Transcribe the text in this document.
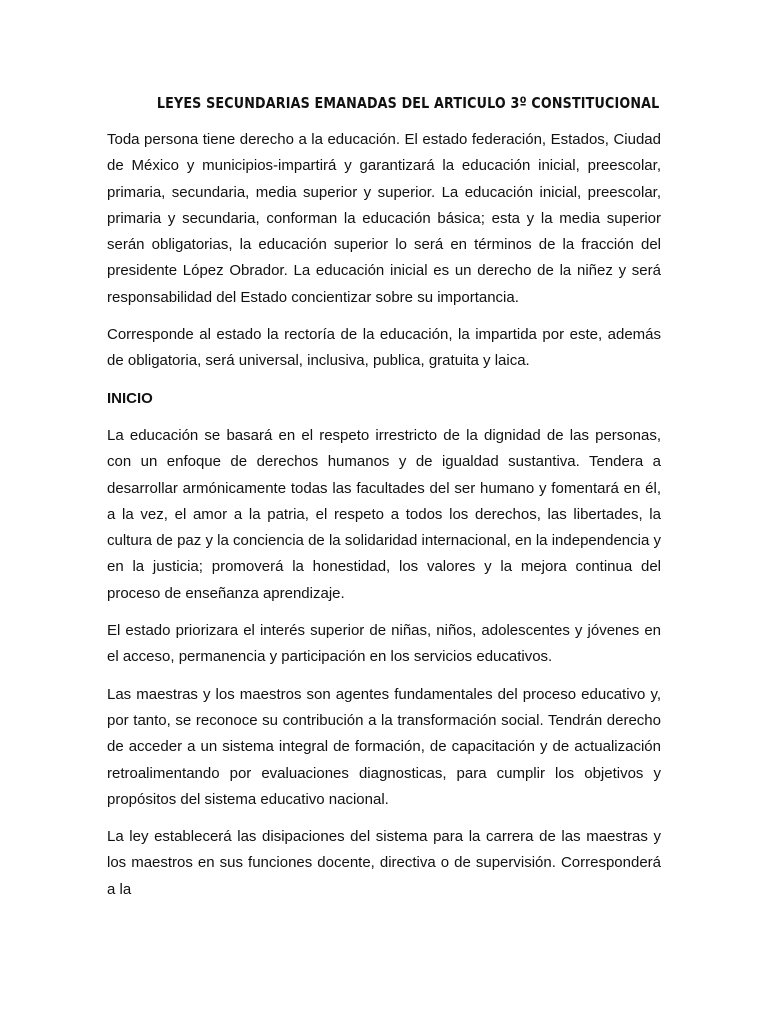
LEYES SECUNDARIAS EMANADAS DEL ARTICULO 3º CONSTITUCIONAL

Toda persona tiene derecho a la educación. El estado federación, Estados, Ciudad de México y municipios-impartirá y garantizará la educación inicial, preescolar, primaria, secundaria, media superior y superior. La educación inicial, preescolar, primaria y secundaria, conforman la educación básica; esta y la media superior serán obligatorias, la educación superior lo será en términos de la fracción del presidente López Obrador. La educación inicial es un derecho de la niñez y será responsabilidad del Estado concientizar sobre su importancia.

Corresponde al estado la rectoría de la educación, la impartida por este, además de obligatoria, será universal, inclusiva, publica, gratuita y laica.

INICIO

La educación se basará en el respeto irrestricto de la dignidad de las personas, con un enfoque de derechos humanos y de igualdad sustantiva. Tendera a desarrollar armónicamente todas las facultades del ser humano y fomentará en él, a la vez, el amor a la patria, el respeto a todos los derechos, las libertades, la cultura de paz y la conciencia de la solidaridad internacional, en la independencia y en la justicia; promoverá la honestidad, los valores y la mejora continua del proceso de enseñanza aprendizaje.

El estado priorizara el interés superior de niñas, niños, adolescentes y jóvenes en el acceso, permanencia y participación en los servicios educativos.

Las maestras y los maestros son agentes fundamentales del proceso educativo y, por tanto, se reconoce su contribución a la transformación social. Tendrán derecho de acceder a un sistema integral de formación, de capacitación y de actualización retroalimentando por evaluaciones diagnosticas, para cumplir los objetivos y propósitos del sistema educativo nacional.

La ley establecerá las disipaciones del sistema para la carrera de las maestras y los maestros en sus funciones docente, directiva o de supervisión. Corresponderá a la
